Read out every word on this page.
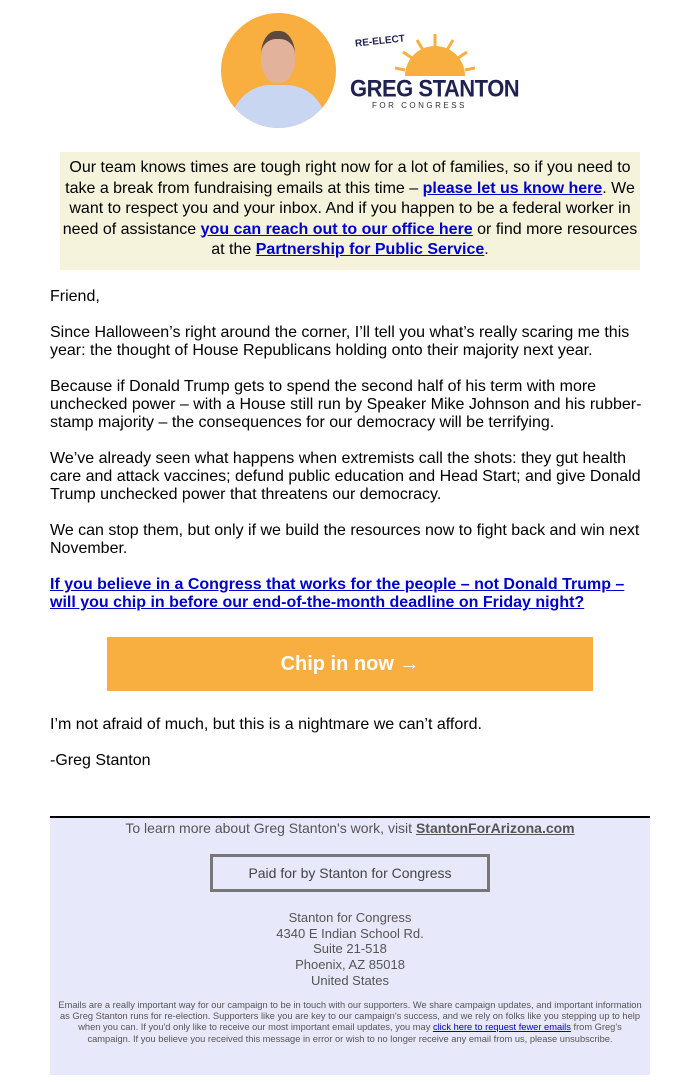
RE-ELECT
GREG STANTON
FOR CONGRESS
Our team knows times are tough right now for a lot of families, so if you need to take a break from fundraising emails at this time – please let us know here. We want to respect you and your inbox. And if you happen to be a federal worker in need of assistance you can reach out to our office here or find more resources at the Partnership for Public Service.

Friend,

Since Halloween’s right around the corner, I’ll tell you what’s really scaring me this year: the thought of House Republicans holding onto their majority next year.

Because if Donald Trump gets to spend the second half of his term with more unchecked power – with a House still run by Speaker Mike Johnson and his rubber-stamp majority – the consequences for our democracy will be terrifying.

We’ve already seen what happens when extremists call the shots: they gut health care and attack vaccines; defund public education and Head Start; and give Donald Trump unchecked power that threatens our democracy.

We can stop them, but only if we build the resources now to fight back and win next November.

If you believe in a Congress that works for the people – not Donald Trump – will you chip in before our end-of-the-month deadline on Friday night?

Chip in now →

I’m not afraid of much, but this is a nightmare we can’t afford.

-Greg Stanton

To learn more about Greg Stanton's work, visit StantonForArizona.com
Paid for by Stanton for Congress
Stanton for Congress
4340 E Indian School Rd.
Suite 21-518
Phoenix, AZ 85018
United States
Emails are a really important way for our campaign to be in touch with our supporters. We share campaign updates, and important information as Greg Stanton runs for re-election. Supporters like you are key to our campaign's success, and we rely on folks like you stepping up to help when you can. If you'd only like to receive our most important email updates, you may click here to request fewer emails from Greg's campaign. If you believe you received this message in error or wish to no longer receive any email from us, please unsubscribe.
